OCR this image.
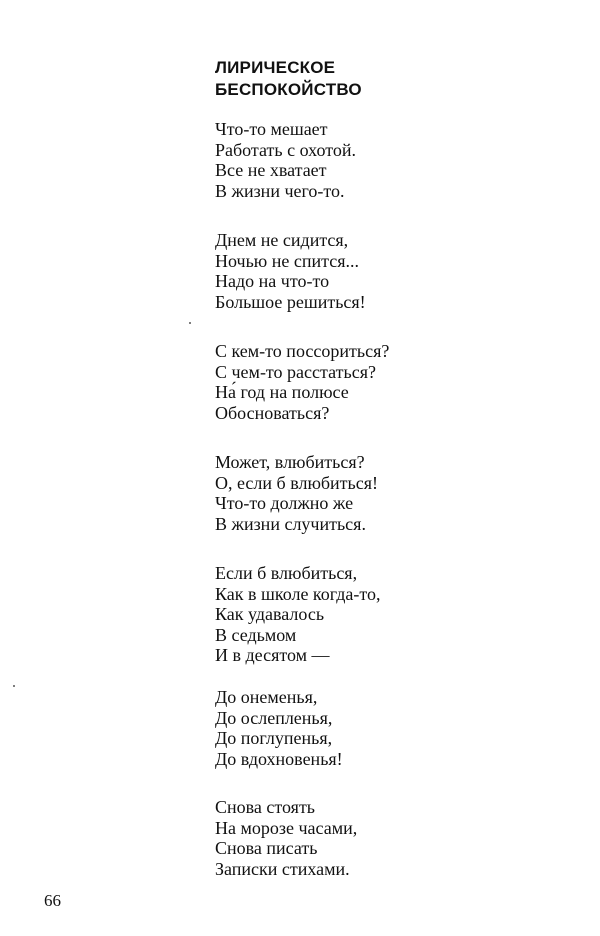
ЛИРИЧЕСКОЕ
БЕСПОКОЙСТВО
Что-то мешает
Работать с охотой.
Все не хватает
В жизни чего-то.
Днем не сидится,
Ночью не спится...
Надо на что-то
Большое решиться!
С кем-то поссориться?
С чем-то расстаться?
На́ год на полюсе
Обосноваться?
Может, влюбиться?
О, если б влюбиться!
Что-то должно же
В жизни случиться.
Если б влюбиться,
Как в школе когда-то,
Как удавалось
В седьмом
И в десятом —
До онеменья,
До ослепленья,
До поглупенья,
До вдохновенья!
Снова стоять
На морозе часами,
Снова писать
Записки стихами.
66
